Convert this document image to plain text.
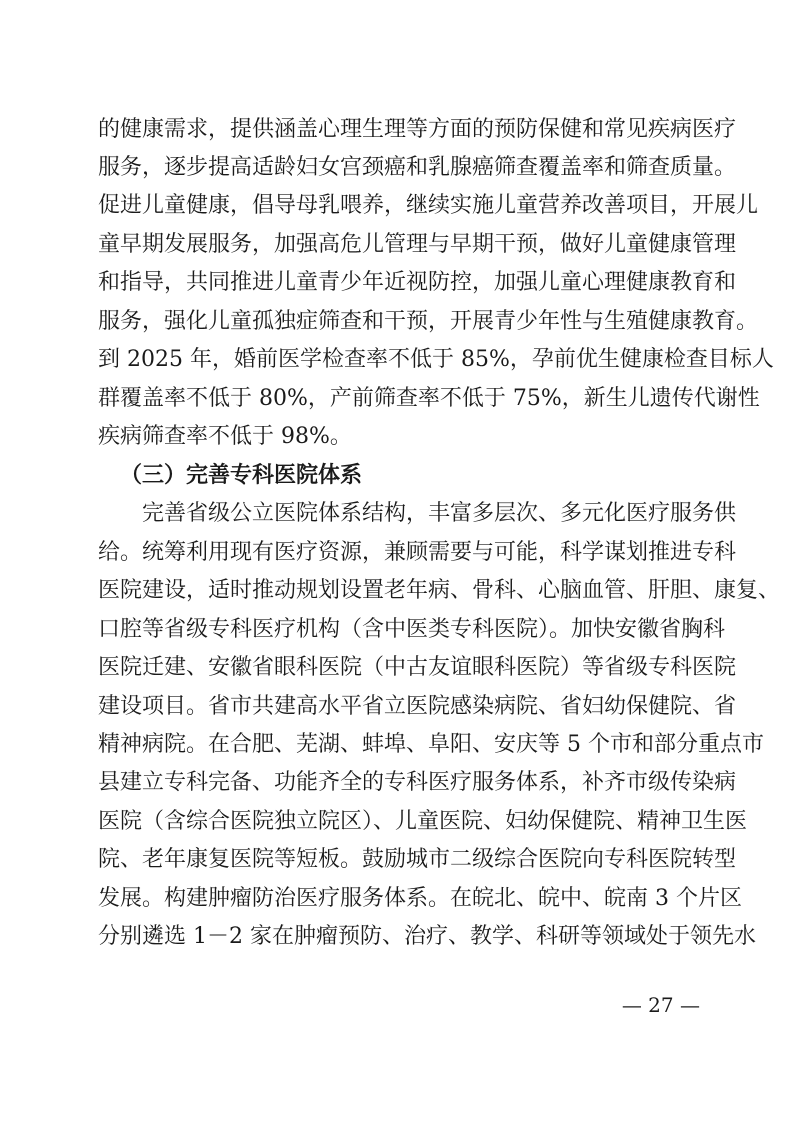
的健康需求，提供涵盖心理生理等方面的预防保健和常见疾病医疗
服务，逐步提高适龄妇女宫颈癌和乳腺癌筛查覆盖率和筛查质量。
促进儿童健康，倡导母乳喂养，继续实施儿童营养改善项目，开展儿
童早期发展服务，加强高危儿管理与早期干预，做好儿童健康管理
和指导，共同推进儿童青少年近视防控，加强儿童心理健康教育和
服务，强化儿童孤独症筛查和干预，开展青少年性与生殖健康教育。
到 2025 年，婚前医学检查率不低于 85%，孕前优生健康检查目标人
群覆盖率不低于 80%，产前筛查率不低于 75%，新生儿遗传代谢性
疾病筛查率不低于 98%。
（三）完善专科医院体系
完善省级公立医院体系结构，丰富多层次、多元化医疗服务供
给。统筹利用现有医疗资源，兼顾需要与可能，科学谋划推进专科
医院建设，适时推动规划设置老年病、骨科、心脑血管、肝胆、康复、
口腔等省级专科医疗机构（含中医类专科医院）。加快安徽省胸科
医院迁建、安徽省眼科医院（中古友谊眼科医院）等省级专科医院
建设项目。省市共建高水平省立医院感染病院、省妇幼保健院、省
精神病院。在合肥、芜湖、蚌埠、阜阳、安庆等 5 个市和部分重点市
县建立专科完备、功能齐全的专科医疗服务体系，补齐市级传染病
医院（含综合医院独立院区）、儿童医院、妇幼保健院、精神卫生医
院、老年康复医院等短板。鼓励城市二级综合医院向专科医院转型
发展。构建肿瘤防治医疗服务体系。在皖北、皖中、皖南 3 个片区
分别遴选 1－2 家在肿瘤预防、治疗、教学、科研等领域处于领先水
— 27 —
